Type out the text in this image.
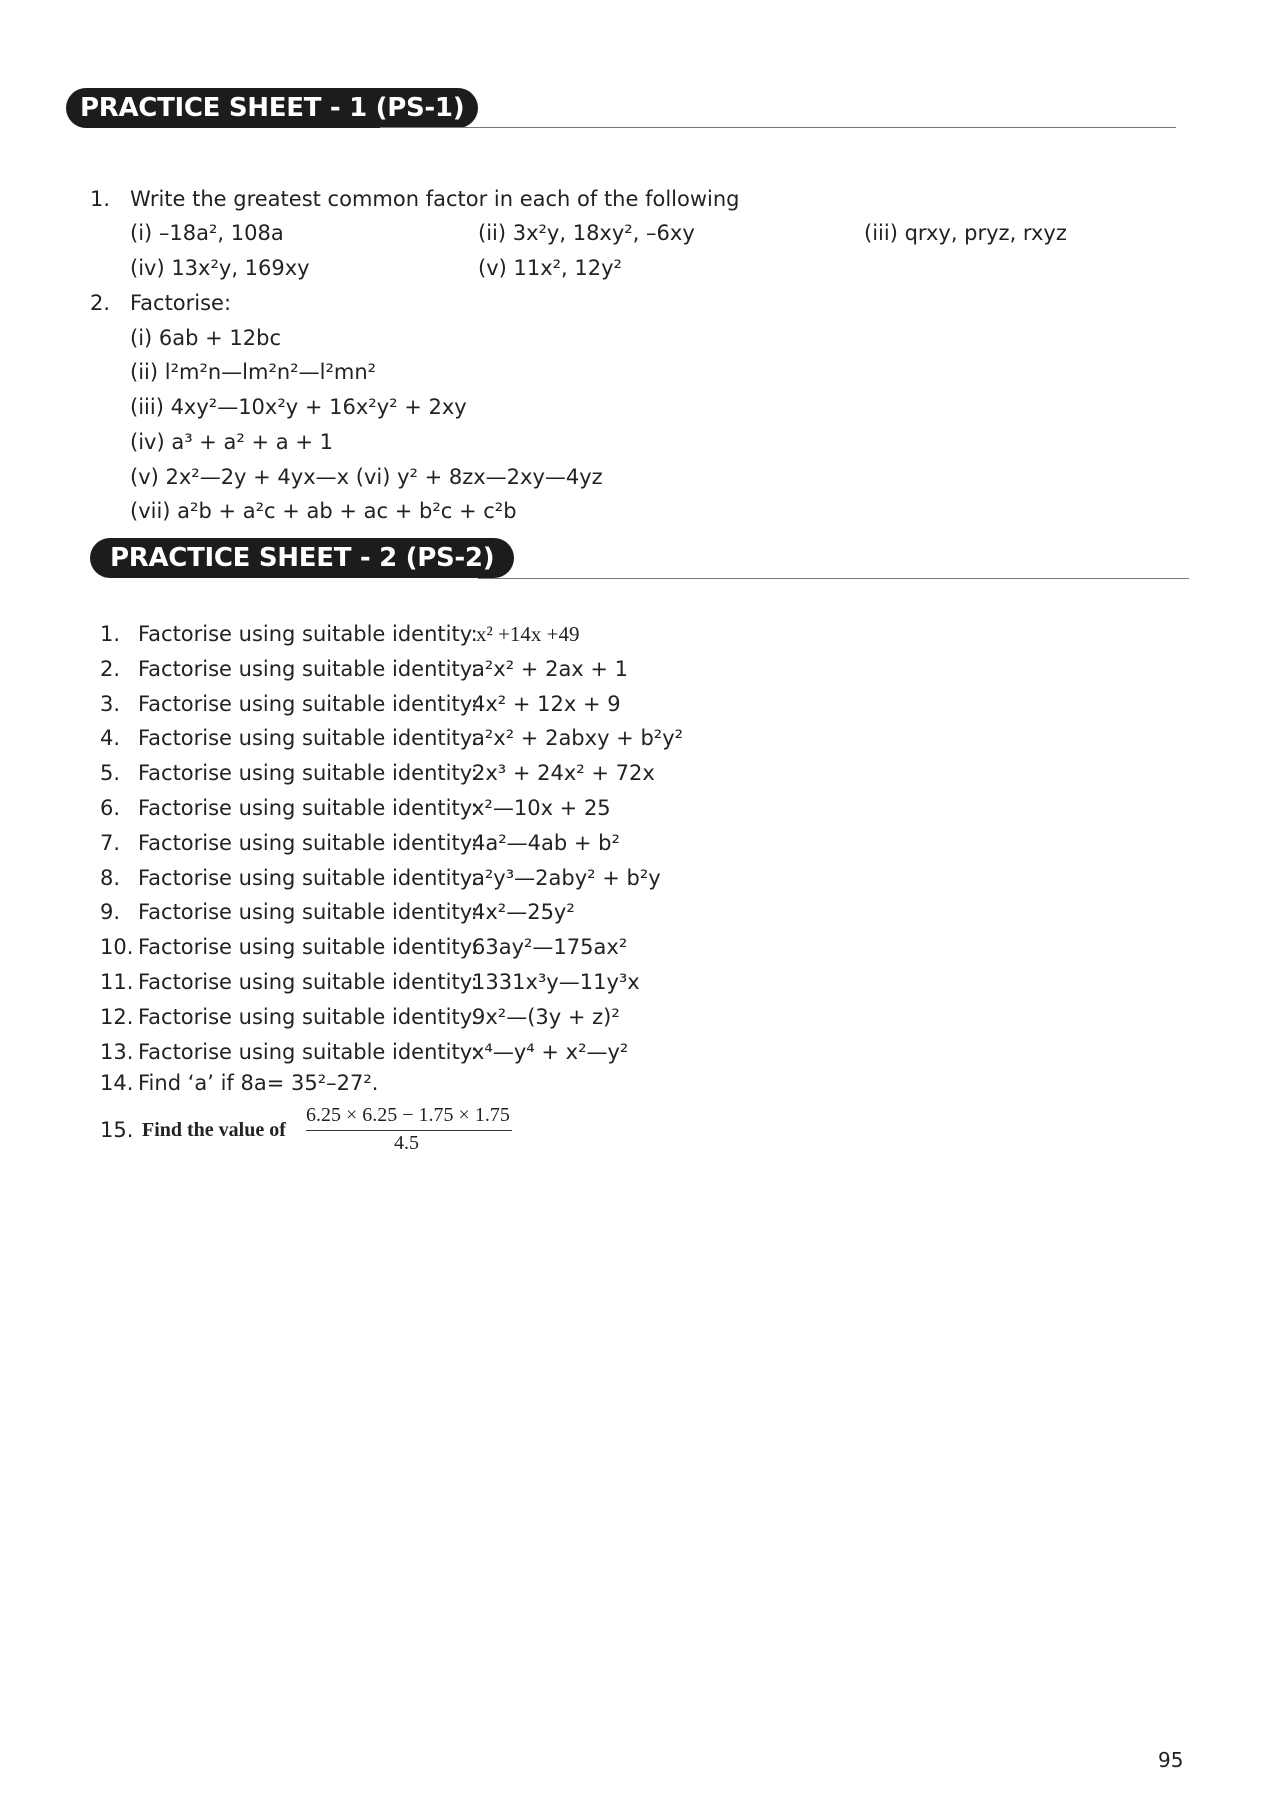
PRACTICE SHEET - 1 (PS-1)
1. Write the greatest common factor in each of the following
(i) –18a², 108a	(ii) 3x²y, 18xy², –6xy	(iii) qrxy, pryz, rxyz
(iv) 13x²y, 169xy	(v) 11x², 12y²
2. Factorise:
(i) 6ab + 12bc
(ii) l²m²n—lm²n²—l²mn²
(iii) 4xy²—10x²y + 16x²y² + 2xy
(iv) a³ + a² + a + 1
(v) 2x²—2y + 4yx—x (vi) y² + 8zx—2xy—4yz
(vii) a²b + a²c + ab + ac + b²c + c²b
PRACTICE SHEET - 2 (PS-2)
1. Factorise using suitable identity:
x² +14x +49
2. Factorise using suitable identity:
a²x² + 2ax + 1
3. Factorise using suitable identity:
4x² + 12x + 9
4. Factorise using suitable identity:
a²x² + 2abxy + b²y²
5. Factorise using suitable identity:
2x³ + 24x² + 72x
6. Factorise using suitable identity:
x²—10x + 25
7. Factorise using suitable identity:
4a²—4ab + b²
8. Factorise using suitable identity:
a²y³—2aby² + b²y
9. Factorise using suitable identity:
4x²—25y²
10. Factorise using suitable identity:
63ay²—175ax²
11. Factorise using suitable identity:
1331x³y—11y³x
12. Factorise using suitable identity:
9x²—(3y + z)²
13. Factorise using suitable identity:
x⁴—y⁴ + x²—y²
14. Find ‘a’ if 8a= 35²–27².
15. Find the value of
6.25 × 6.25 − 1.75 × 1.75
4.5
95
